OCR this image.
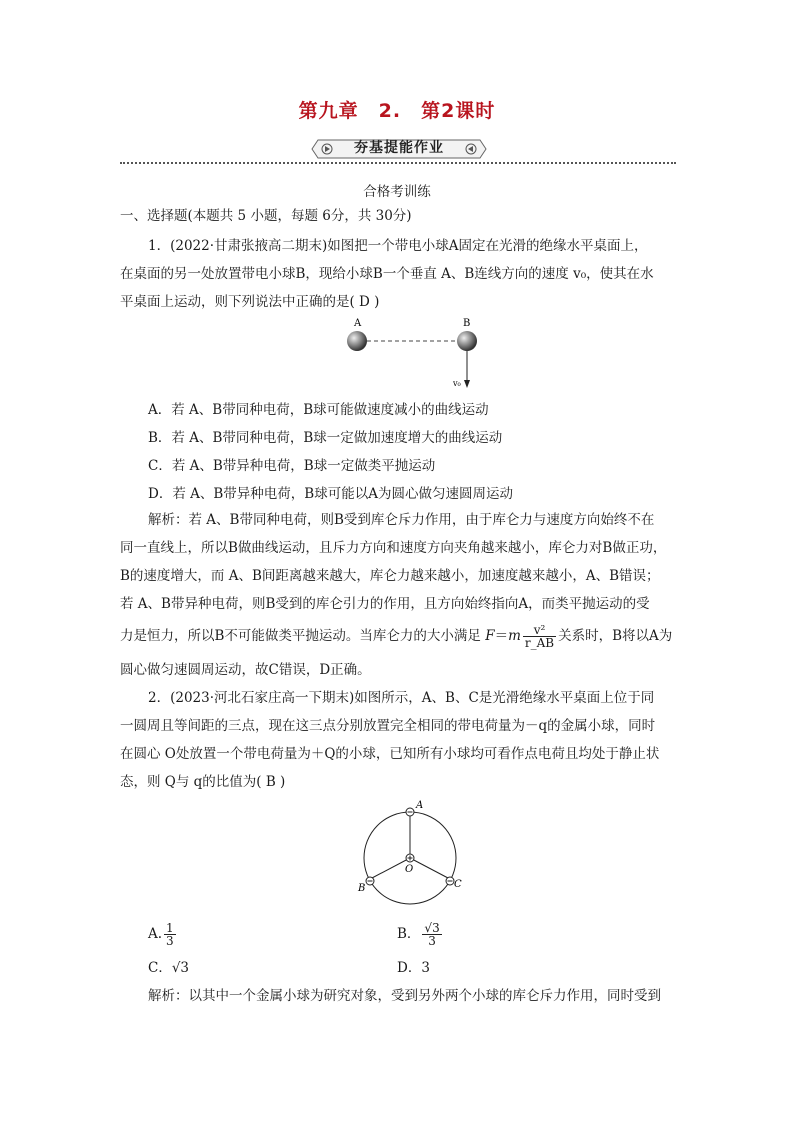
第九章　2.　第2课时
夯基提能作业
合格考训练
一、选择题(本题共 5 小题，每题 6分，共 30分)
1．(2022·甘肃张掖高二期末)如图把一个带电小球A固定在光滑的绝缘水平桌面上，
在桌面的另一处放置带电小球B，现给小球B一个垂直 A、B连线方向的速度 v₀，使其在水
平桌面上运动，则下列说法中正确的是( D )
A	B
v₀
A．若 A、B带同种电荷，B球可能做速度减小的曲线运动
B．若 A、B带同种电荷，B球一定做加速度增大的曲线运动
C．若 A、B带异种电荷，B球一定做类平抛运动
D．若 A、B带异种电荷，B球可能以A为圆心做匀速圆周运动
解析：若 A、B带同种电荷，则B受到库仑斥力作用，由于库仑力与速度方向始终不在
同一直线上，所以B做曲线运动，且斥力方向和速度方向夹角越来越小，库仑力对B做正功，
B的速度增大，而 A、B间距离越来越大，库仑力越来越小，加速度越来越小，A、B错误；
若 A、B带异种电荷，则B受到的库仑引力的作用，且方向始终指向A，而类平抛运动的受
力是恒力，所以B不可能做类平抛运动。当库仑力的大小满足 $F=m \frac{\text{v²}}{r\_AB}$ 关系时，B将以A为
圆心做匀速圆周运动，故C错误，D正确。
2．(2023·河北石家庄高一下期末)如图所示，A、B、C是光滑绝缘水平桌面上位于同
一圆周且等间距的三点，现在这三点分别放置完全相同的带电荷量为－q的金属小球，同时
在圆心 O处放置一个带电荷量为＋Q的小球，已知所有小球均可看作点电荷且均处于静止状
态，则 Q与 q的比值为( B )
A
B	C
O
A. $\frac{1}{3}$	B． $\frac{√3}{3}$
C．√3	D．3
解析：以其中一个金属小球为研究对象，受到另外两个小球的库仑斥力作用，同时受到
